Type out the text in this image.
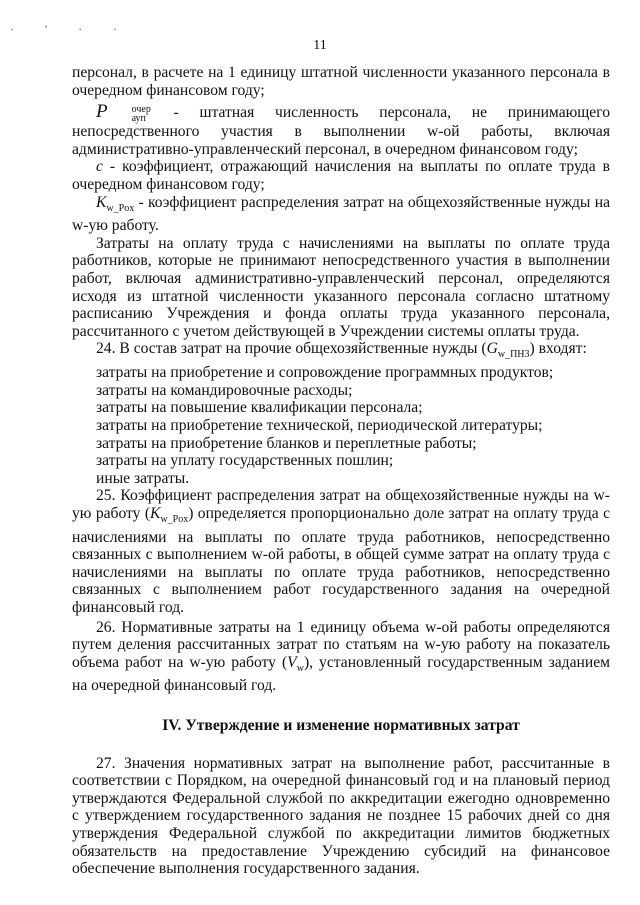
· ' · ·
11

персонал, в расчете на 1 единицу штатной численности указанного персонала в очередном финансовом году;

P	очер
ауп - штатная численность персонала, не принимающего непосредственного участия в выполнении w-ой работы, включая административно-управленческий персонал, в очередном финансовом году;

c - коэффициент, отражающий начисления на выплаты по оплате труда в очередном финансовом году;

$K_{w\_Pox}$ - коэффициент распределения затрат на общехозяйственные нужды на w-ую работу.

Затраты на оплату труда с начислениями на выплаты по оплате труда работников, которые не принимают непосредственного участия в выполнении работ, включая административно-управленческий персонал, определяются исходя из штатной численности указанного персонала согласно штатному расписанию Учреждения и фонда оплаты труда указанного персонала, рассчитанного с учетом действующей в Учреждении системы оплаты труда.

24. В состав затрат на прочие общехозяйственные нужды $(G_{w\_ПН3})$ входят:

затраты на приобретение и сопровождение программных продуктов;

затраты на командировочные расходы;

затраты на повышение квалификации персонала;

затраты на приобретение технической, периодической литературы;

затраты на приобретение бланков и переплетные работы;

затраты на уплату государственных пошлин;

иные затраты.

25. Коэффициент распределения затрат на общехозяйственные нужды на w-ую работу $(K_{w\_Pox})$ определяется пропорционально доле затрат на оплату труда с начислениями на выплаты по оплате труда работников, непосредственно связанных с выполнением w-ой работы, в общей сумме затрат на оплату труда с начислениями на выплаты по оплате труда работников, непосредственно связанных с выполнением работ государственного задания на очередной финансовый год.

26. Нормативные затраты на 1 единицу объема w-ой работы определяются путем деления рассчитанных затрат по статьям на w-ую работу на показатель объема работ на w-ую работу $(V_w)$, установленный государственным заданием на очередной финансовый год.

IV. Утверждение и изменение нормативных затрат

27. Значения нормативных затрат на выполнение работ, рассчитанные в соответствии с Порядком, на очередной финансовый год и на плановый период утверждаются Федеральной службой по аккредитации ежегодно одновременно с утверждением государственного задания не позднее 15 рабочих дней со дня утверждения Федеральной службой по аккредитации лимитов бюджетных обязательств на предоставление Учреждению субсидий на финансовое обеспечение выполнения государственного задания.
